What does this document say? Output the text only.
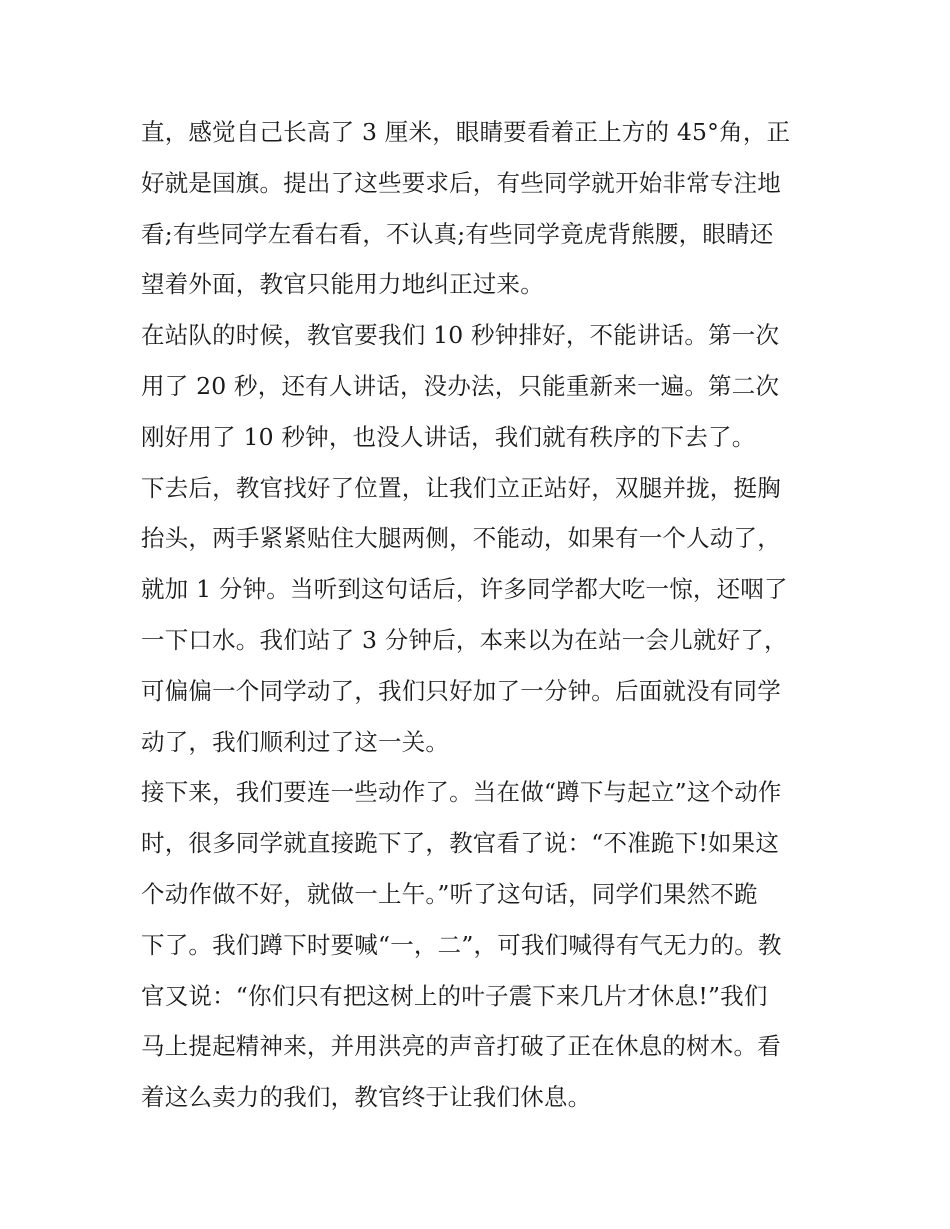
直，感觉自己长高了 3 厘米，眼睛要看着正上方的 45°角，正
好就是国旗。提出了这些要求后，有些同学就开始非常专注地
看;有些同学左看右看，不认真;有些同学竟虎背熊腰，眼睛还
望着外面，教官只能用力地纠正过来。

在站队的时候，教官要我们 10 秒钟排好，不能讲话。第一次
用了 20 秒，还有人讲话，没办法，只能重新来一遍。第二次
刚好用了 10 秒钟，也没人讲话，我们就有秩序的下去了。

下去后，教官找好了位置，让我们立正站好，双腿并拢，挺胸
抬头，两手紧紧贴住大腿两侧，不能动，如果有一个人动了，
就加 1 分钟。当听到这句话后，许多同学都大吃一惊，还咽了
一下口水。我们站了 3 分钟后，本来以为在站一会儿就好了，
可偏偏一个同学动了，我们只好加了一分钟。后面就没有同学
动了，我们顺利过了这一关。

接下来，我们要连一些动作了。当在做“蹲下与起立”这个动作
时，很多同学就直接跪下了，教官看了说：“不准跪下!如果这
个动作做不好，就做一上午。”听了这句话，同学们果然不跪
下了。我们蹲下时要喊“一，二”，可我们喊得有气无力的。教
官又说：“你们只有把这树上的叶子震下来几片才休息!”我们
马上提起精神来，并用洪亮的声音打破了正在休息的树木。看
着这么卖力的我们，教官终于让我们休息。
